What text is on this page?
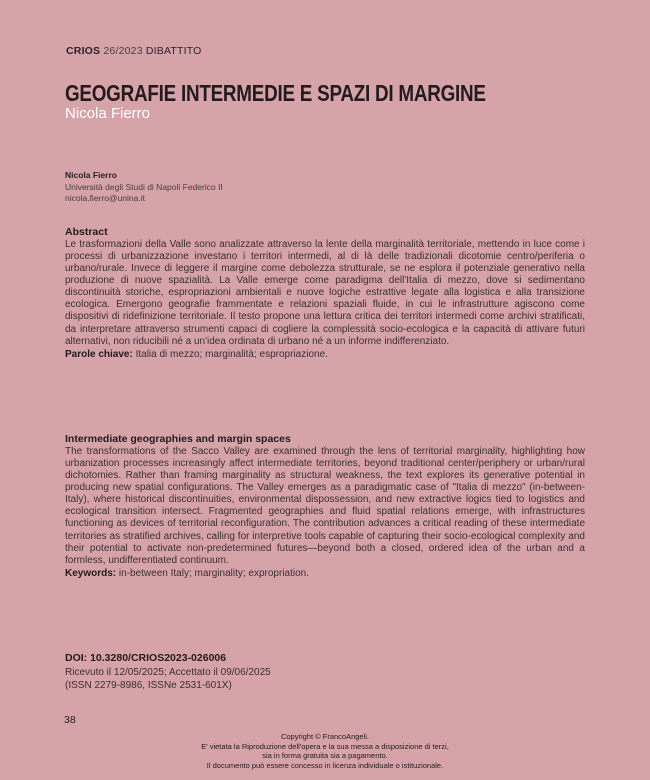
CRIOS 26/2023 DIBATTITO
GEOGRAFIE INTERMEDIE E SPAZI DI MARGINE
Nicola Fierro
Nicola Fierro
Università degli Studi di Napoli Federico II
nicola.fierro@unina.it
Abstract

Le trasformazioni della Valle sono analizzate attraverso la lente della marginalità territoriale, mettendo in luce come i processi di urbanizzazione investano i territori intermedi, al di là delle tradizionali dicotomie centro/periferia o urbano/rurale. Invece di leggere il margine come debolezza strutturale, se ne esplora il potenziale generativo nella produzione di nuove spazialità. La Valle emerge come paradigma dell'Italia di mezzo, dove si sedimentano discontinuità storiche, espropriazioni ambientali e nuove logiche estrattive legate alla logistica e alla transizione ecologica. Emergono geografie frammentate e relazioni spaziali fluide, in cui le infrastrutture agiscono come dispositivi di ridefinizione territoriale. Il testo propone una lettura critica dei territori intermedi come archivi stratificati, da interpretare attraverso strumenti capaci di cogliere la complessità socio-ecologica e la capacità di attivare futuri alternativi, non riducibili né a un'idea ordinata di urbano né a un informe indifferenziato.

Parole chiave: Italia di mezzo; marginalità; espropriazione.
Intermediate geographies and margin spaces

The transformations of the Sacco Valley are examined through the lens of territorial marginality, highlighting how urbanization processes increasingly affect intermediate territories, beyond traditional center/periphery or urban/rural dichotomies. Rather than framing marginality as structural weakness, the text explores its generative potential in producing new spatial configurations. The Valley emerges as a paradigmatic case of "Italia di mezzo" (in-between-Italy), where historical discontinuities, environmental dispossession, and new extractive logics tied to logistics and ecological transition intersect. Fragmented geographies and fluid spatial relations emerge, with infrastructures functioning as devices of territorial reconfiguration. The contribution advances a critical reading of these intermediate territories as stratified archives, calling for interpretive tools capable of capturing their socio-ecological complexity and their potential to activate non-predetermined futures—beyond both a closed, ordered idea of the urban and a formless, undifferentiated continuum.

Keywords: in-between Italy; marginality; expropriation.
DOI: 10.3280/CRIOS2023-026006
Ricevuto il 12/05/2025; Accettato il 09/06/2025
(ISSN 2279-8986, ISSNe 2531-601X)
38
Copyright © FrancoAngeli.
E' vietata la Riproduzione dell'opera e la sua messa a disposizione di terzi,
sia in forma gratuita sia a pagamento.
Il documento può essere concesso in licenza individuale o istituzionale.
